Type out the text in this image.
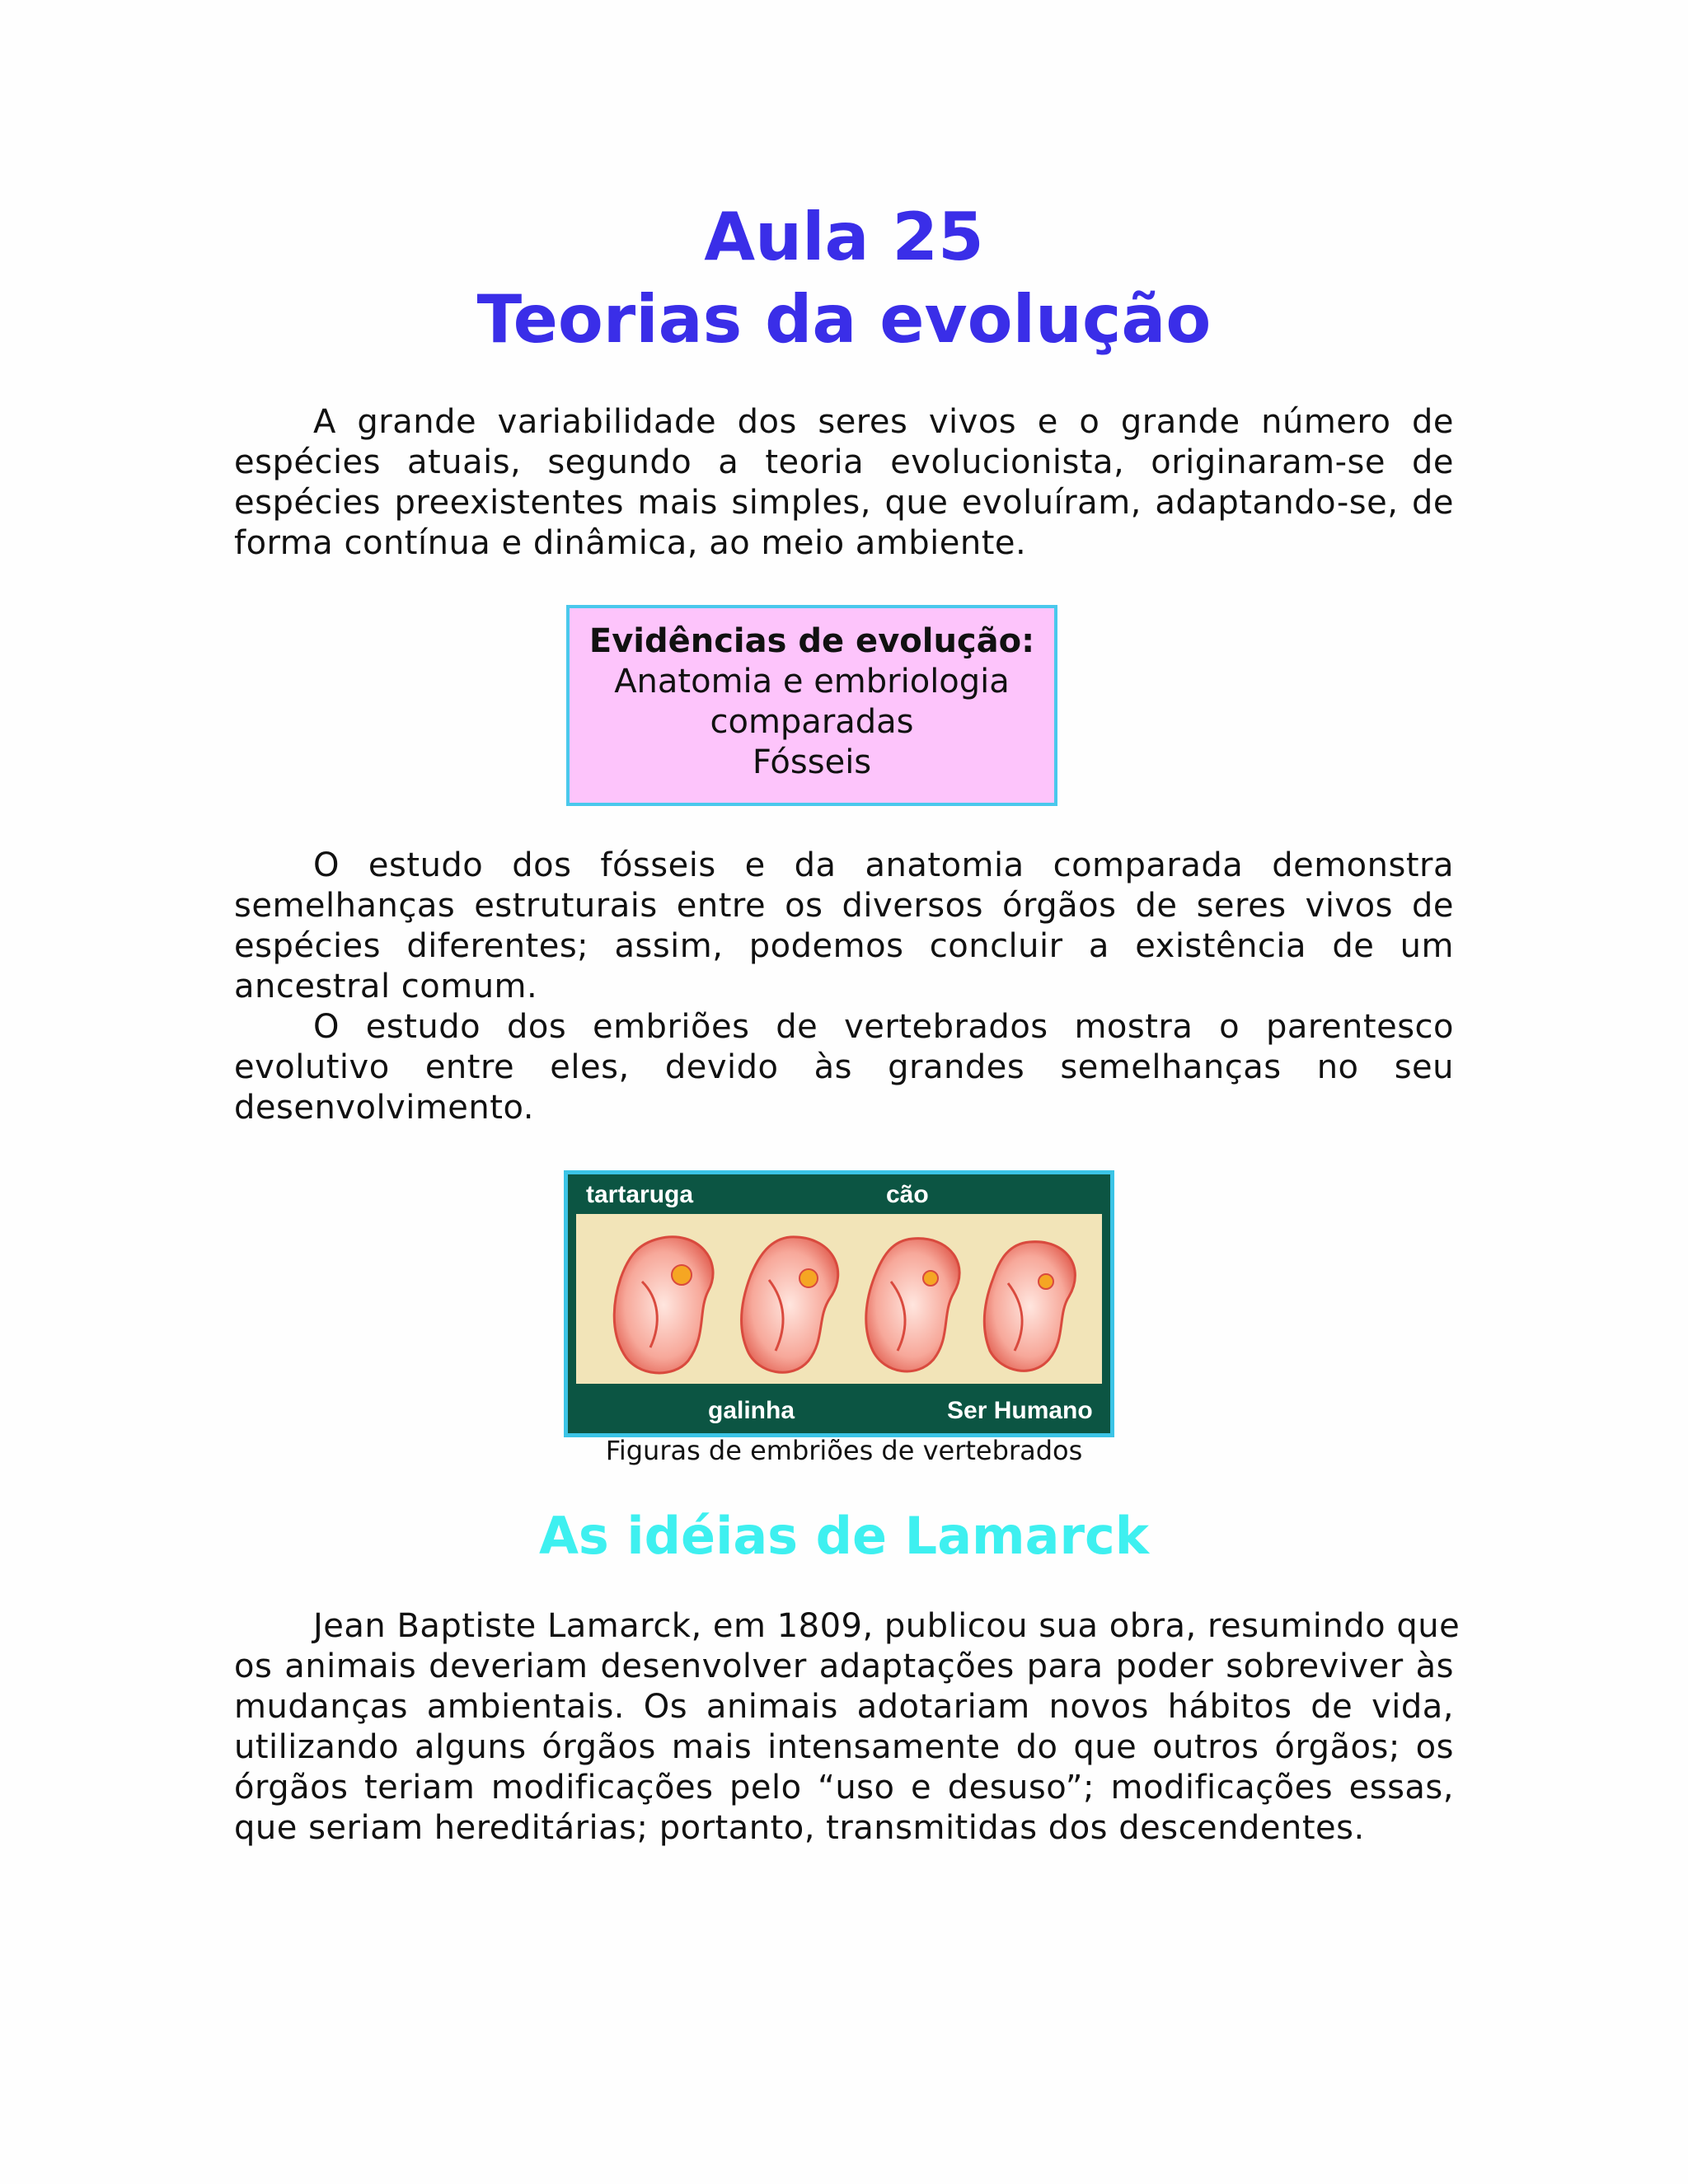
Aula 25
Teorias da evolução

A grande variabilidade dos seres vivos e o grande número de
espécies atuais, segundo a teoria evolucionista, originaram-se de
espécies preexistentes mais simples, que evoluíram, adaptando-se, de
forma contínua e dinâmica, ao meio ambiente.

Evidências de evolução:
Anatomia e embriologia
comparadas
Fósseis

O estudo dos fósseis e da anatomia comparada demonstra
semelhanças estruturais entre os diversos órgãos de seres vivos de
espécies diferentes; assim, podemos concluir a existência de um
ancestral comum.

O estudo dos embriões de vertebrados mostra o parentesco
evolutivo entre eles, devido às grandes semelhanças no seu
desenvolvimento.

tartaruga	cão
galinha	Ser Humano

Figuras de embriões de vertebrados

As idéias de Lamarck

Jean Baptiste Lamarck, em 1809, publicou sua obra, resumindo que
os animais deveriam desenvolver adaptações para poder sobreviver às
mudanças ambientais. Os animais adotariam novos hábitos de vida,
utilizando alguns órgãos mais intensamente do que outros órgãos; os
órgãos teriam modificações pelo “uso e desuso”; modificações essas,
que seriam hereditárias; portanto, transmitidas dos descendentes.
